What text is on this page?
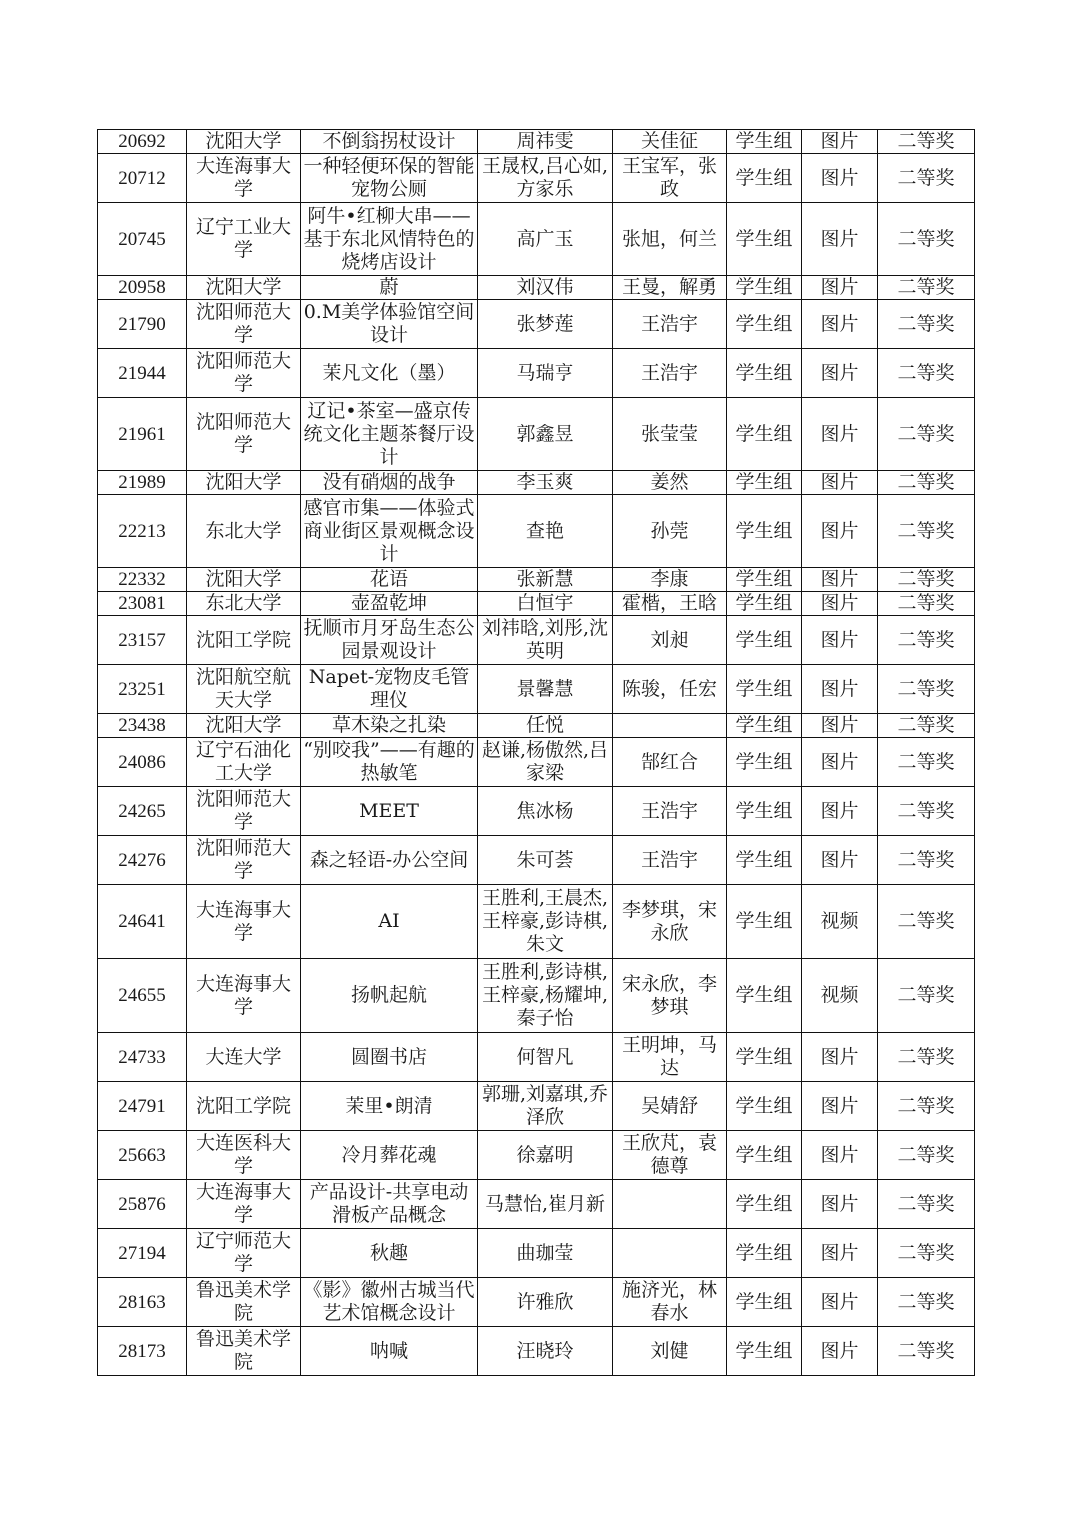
20692	沈阳大学	不倒翁拐杖设计	周祎雯	关佳征	学生组	图片	二等奖
20712	大连海事大学	一种轻便环保的智能宠物公厕	王晟权,吕心如,方家乐	王宝军，张政	学生组	图片	二等奖
20745	辽宁工业大学	阿牛•红柳大串—— 基于东北风情特色的烧烤店设计	高广玉	张旭，何兰	学生组	图片	二等奖
20958	沈阳大学	蔚	刘汉伟	王曼，解勇	学生组	图片	二等奖
21790	沈阳师范大学	0.M美学体验馆空间设计	张梦莲	王浩宇	学生组	图片	二等奖
21944	沈阳师范大学	茉凡文化（墨）	马瑞亨	王浩宇	学生组	图片	二等奖
21961	沈阳师范大学	辽记•茶室—盛京传统文化主题茶餐厅设计	郭鑫昱	张莹莹	学生组	图片	二等奖
21989	沈阳大学	没有硝烟的战争	李玉爽	姜然	学生组	图片	二等奖
22213	东北大学	感官市集——体验式商业街区景观概念设计	查艳	孙莞	学生组	图片	二等奖
22332	沈阳大学	花语	张新慧	李康	学生组	图片	二等奖
23081	东北大学	壶盈乾坤	白恒宇	霍楷，王晗	学生组	图片	二等奖
23157	沈阳工学院	抚顺市月牙岛生态公园景观设计	刘祎晗,刘彤,沈英明	刘昶	学生组	图片	二等奖
23251	沈阳航空航天大学	Napet-宠物皮毛管理仪	景馨慧	陈骏，任宏	学生组	图片	二等奖
23438	沈阳大学	草木染之扎染	任悦		学生组	图片	二等奖
24086	辽宁石油化工大学	“别咬我”——有趣的热敏笔	赵谦,杨傲然,吕家梁	郜红合	学生组	图片	二等奖
24265	沈阳师范大学	MEET	焦冰杨	王浩宇	学生组	图片	二等奖
24276	沈阳师范大学	森之轻语-办公空间	朱可荟	王浩宇	学生组	图片	二等奖
24641	大连海事大学	AI	王胜利,王晨杰,王梓豪,彭诗棋,朱文	李梦琪，宋永欣	学生组	视频	二等奖
24655	大连海事大学	扬帆起航	王胜利,彭诗棋,王梓豪,杨耀坤,秦子怡	宋永欣，李梦琪	学生组	视频	二等奖
24733	大连大学	圆圈书店	何智凡	王明坤，马达	学生组	图片	二等奖
24791	沈阳工学院	茉里•朗清	郭珊,刘嘉琪,乔泽欣	吴婧舒	学生组	图片	二等奖
25663	大连医科大学	冷月葬花魂	徐嘉明	王欣芃，袁德尊	学生组	图片	二等奖
25876	大连海事大学	产品设计-共享电动滑板产品概念	马慧怡,崔月新		学生组	图片	二等奖
27194	辽宁师范大学	秋趣	曲珈莹		学生组	图片	二等奖
28163	鲁迅美术学院	《影》徽州古城当代艺术馆概念设计	许雅欣	施济光，林春水	学生组	图片	二等奖
28173	鲁迅美术学院	呐喊	汪晓玲	刘健	学生组	图片	二等奖
